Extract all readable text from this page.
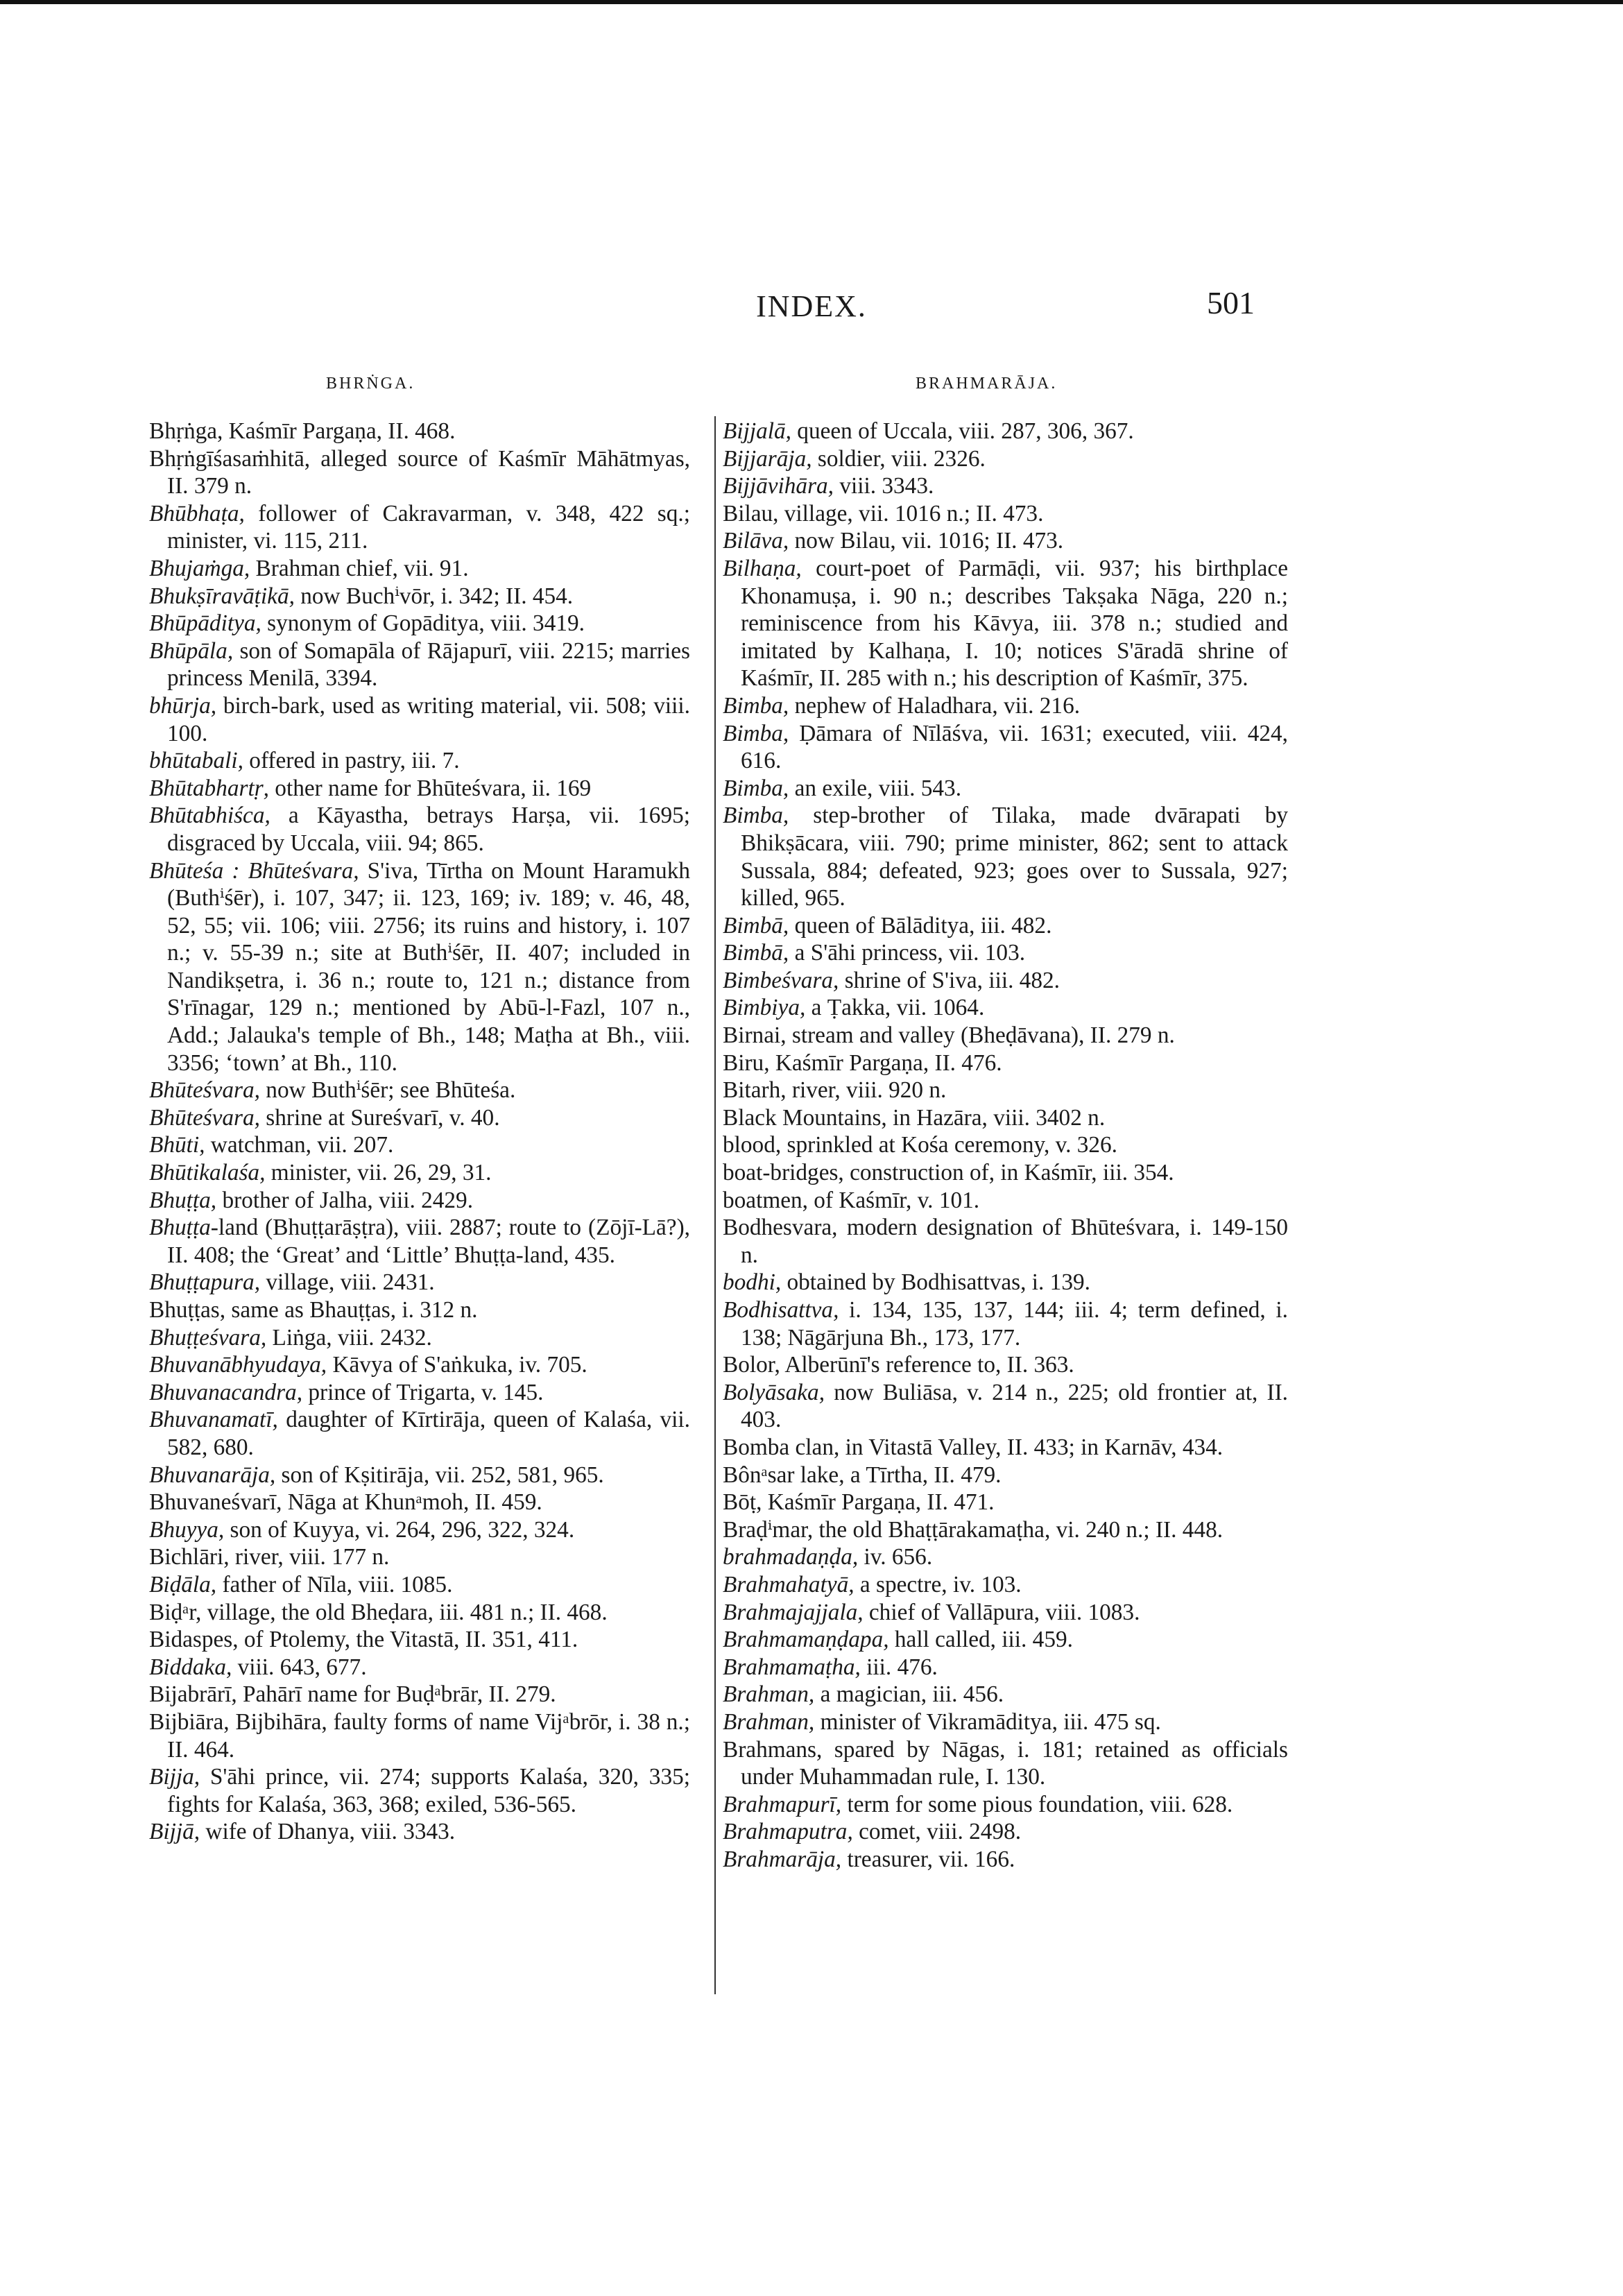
INDEX.	501
BHRṄGA.	BRAHMARĀJA.
Bhṛṅga, Kaśmīr Pargaṇa, II. 468.
Bhṛṅgīśasaṁhitā, alleged source of Kaśmīr Māhātmyas, II. 379 n.
Bhūbhaṭa, follower of Cakravarman, v. 348, 422 sq.; minister, vi. 115, 211.
Bhujaṁga, Brahman chief, vii. 91.
Bhukṣīravāṭikā, now Buchⁱvōr, i. 342; II. 454.
Bhūpāditya, synonym of Gopāditya, viii. 3419.
Bhūpāla, son of Somapāla of Rājapurī, viii. 2215; marries princess Menilā, 3394.
bhūrja, birch-bark, used as writing material, vii. 508; viii. 100.
bhūtabali, offered in pastry, iii. 7.
Bhūtabhartṛ, other name for Bhūteśvara, ii. 169
Bhūtabhiśca, a Kāyastha, betrays Harṣa, vii. 1695; disgraced by Uccala, viii. 94; 865.
Bhūteśa : Bhūteśvara, S'iva, Tīrtha on Mount Haramukh (Buthⁱśēr), i. 107, 347; ii. 123, 169; iv. 189; v. 46, 48, 52, 55; vii. 106; viii. 2756; its ruins and history, i. 107 n.; v. 55-39 n.; site at Buthⁱśēr, II. 407; included in Nandikṣetra, i. 36 n.; route to, 121 n.; distance from S'rīnagar, 129 n.; mentioned by Abū-l-Fazl, 107 n., Add.; Jalauka's temple of Bh., 148; Maṭha at Bh., viii. 3356; ‘town’ at Bh., 110.
Bhūteśvara, now Buthⁱśēr; see Bhūteśa.
Bhūteśvara, shrine at Sureśvarī, v. 40.
Bhūti, watchman, vii. 207.
Bhūtikalaśa, minister, vii. 26, 29, 31.
Bhuṭṭa, brother of Jalha, viii. 2429.
Bhuṭṭa-land (Bhuṭṭarāṣṭra), viii. 2887; route to (Zōjī-Lā?), II. 408; the ‘Great’ and ‘Little’ Bhuṭṭa-land, 435.
Bhuṭṭapura, village, viii. 2431.
Bhuṭṭas, same as Bhauṭṭas, i. 312 n.
Bhuṭṭeśvara, Liṅga, viii. 2432.
Bhuvanābhyudaya, Kāvya of S'aṅkuka, iv. 705.
Bhuvanacandra, prince of Trigarta, v. 145.
Bhuvanamatī, daughter of Kīrtirāja, queen of Kalaśa, vii. 582, 680.
Bhuvanarāja, son of Kṣitirāja, vii. 252, 581, 965.
Bhuvaneśvarī, Nāga at Khunᵃmoh, II. 459.
Bhuyya, son of Kuyya, vi. 264, 296, 322, 324.
Bichlāri, river, viii. 177 n.
Biḍāla, father of Nīla, viii. 1085.
Biḍᵃr, village, the old Bheḍara, iii. 481 n.; II. 468.
Bidaspes, of Ptolemy, the Vitastā, II. 351, 411.
Biddaka, viii. 643, 677.
Bijabrārī, Pahārī name for Buḍᵃbrār, II. 279.
Bijbiāra, Bijbihāra, faulty forms of name Vijᵃbrōr, i. 38 n.; II. 464.
Bijja, S'āhi prince, vii. 274; supports Kalaśa, 320, 335; fights for Kalaśa, 363, 368; exiled, 536-565.
Bijjā, wife of Dhanya, viii. 3343.
Bijjalā, queen of Uccala, viii. 287, 306, 367.
Bijjarāja, soldier, viii. 2326.
Bijjāvihāra, viii. 3343.
Bilau, village, vii. 1016 n.; II. 473.
Bilāva, now Bilau, vii. 1016; II. 473.
Bilhaṇa, court-poet of Parmāḍi, vii. 937; his birthplace Khonamuṣa, i. 90 n.; describes Takṣaka Nāga, 220 n.; reminiscence from his Kāvya, iii. 378 n.; studied and imitated by Kalhaṇa, I. 10; notices S'āradā shrine of Kaśmīr, II. 285 with n.; his description of Kaśmīr, 375.
Bimba, nephew of Haladhara, vii. 216.
Bimba, Ḍāmara of Nīlāśva, vii. 1631; executed, viii. 424, 616.
Bimba, an exile, viii. 543.
Bimba, step-brother of Tilaka, made dvārapati by Bhikṣācara, viii. 790; prime minister, 862; sent to attack Sussala, 884; defeated, 923; goes over to Sussala, 927; killed, 965.
Bimbā, queen of Bālāditya, iii. 482.
Bimbā, a S'āhi princess, vii. 103.
Bimbeśvara, shrine of S'iva, iii. 482.
Bimbiya, a Ṭakka, vii. 1064.
Birnai, stream and valley (Bheḍāvana), II. 279 n.
Biru, Kaśmīr Pargaṇa, II. 476.
Bitarh, river, viii. 920 n.
Black Mountains, in Hazāra, viii. 3402 n.
blood, sprinkled at Kośa ceremony, v. 326.
boat-bridges, construction of, in Kaśmīr, iii. 354.
boatmen, of Kaśmīr, v. 101.
Bodhesvara, modern designation of Bhūteśvara, i. 149-150 n.
bodhi, obtained by Bodhisattvas, i. 139.
Bodhisattva, i. 134, 135, 137, 144; iii. 4; term defined, i. 138; Nāgārjuna Bh., 173, 177.
Bolor, Alberūnī's reference to, II. 363.
Bolyāsaka, now Buliāsa, v. 214 n., 225; old frontier at, II. 403.
Bomba clan, in Vitastā Valley, II. 433; in Karnāv, 434.
Bônᵃsar lake, a Tīrtha, II. 479.
Bōṭ, Kaśmīr Pargaṇa, II. 471.
Braḍⁱmar, the old Bhaṭṭārakamaṭha, vi. 240 n.; II. 448.
brahmadaṇḍa, iv. 656.
Brahmahatyā, a spectre, iv. 103.
Brahmajajjala, chief of Vallāpura, viii. 1083.
Brahmamaṇḍapa, hall called, iii. 459.
Brahmamaṭha, iii. 476.
Brahman, a magician, iii. 456.
Brahman, minister of Vikramāditya, iii. 475 sq.
Brahmans, spared by Nāgas, i. 181; retained as officials under Muhammadan rule, I. 130.
Brahmapurī, term for some pious foundation, viii. 628.
Brahmaputra, comet, viii. 2498.
Brahmarāja, treasurer, vii. 166.
